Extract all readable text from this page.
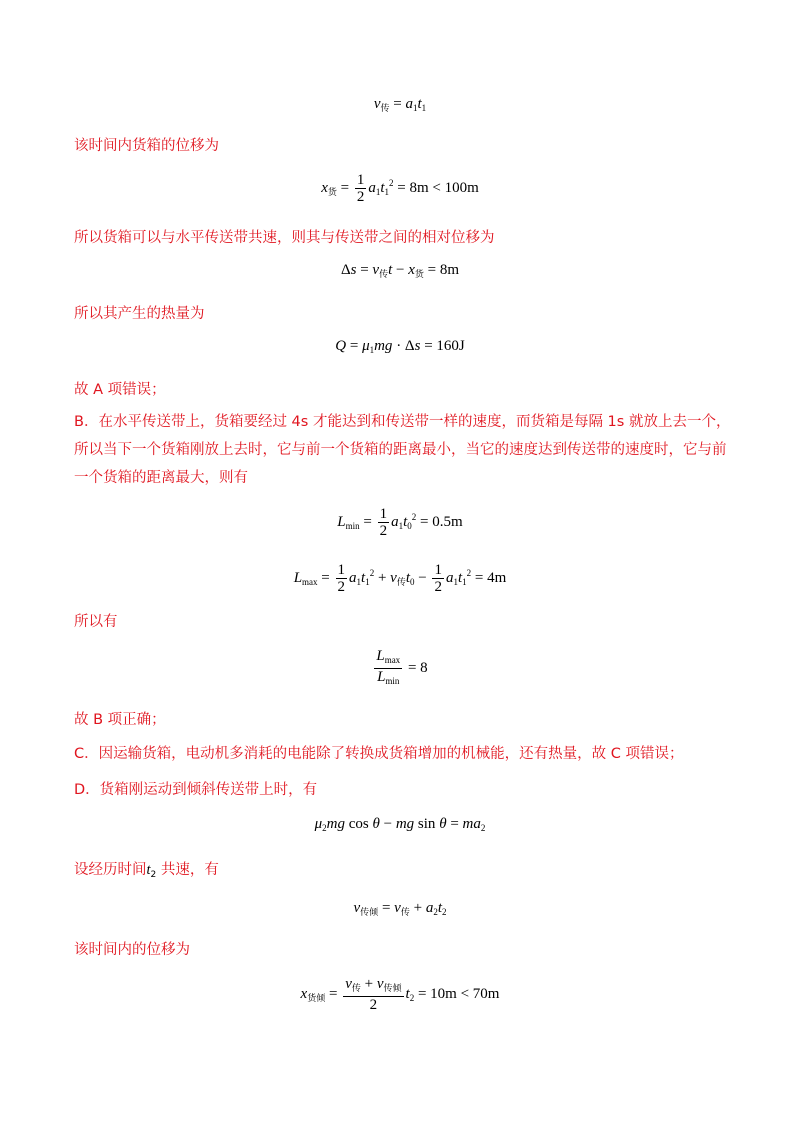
$v_传 = a_1t_1$
该时间内货箱的位移为
$x_货 = \frac{1}{2} a_1t_1^2 = 8m < 100m$
所以货箱可以与水平传送带共速，则其与传送带之间的相对位移为
$\Delta s = v_传t - x_货 = 8m$
所以其产生的热量为
$Q = \mu_1mg \cdot \Delta s = 160J$
故 A 项错误；
B．在水平传送带上，货箱要经过 4s 才能达到和传送带一样的速度，而货箱是每隔 1s 就放上去一个，所以当下一个货箱刚放上去时，它与前一个货箱的距离最小，当它的速度达到传送带的速度时，它与前一个货箱的距离最大，则有
$L_{min} = \frac{1}{2} a_1t_0^2 = 0.5m$
$L_{max} = \frac{1}{2} a_1t_1^2 + v_传t_0 - \frac{1}{2} a_1t_1^2 = 4m$
所以有
$\frac{L_{max}}{L_{min}} = 8$
故 B 项正确；
C．因运输货箱，电动机多消耗的电能除了转换成货箱增加的机械能，还有热量，故 C 项错误；
D．货箱刚运动到倾斜传送带上时，有
$\mu_2mg$ cos θ − mg $\sin \theta = ma_2$
设经历时间$t_2$ 共速，有
$v_{传倾} = v_传 + a_2t_2$
该时间内的位移为
$x_{货倾} = \frac{v_传 + v_{传倾}}{2} t_2 = 10m < 70m$
